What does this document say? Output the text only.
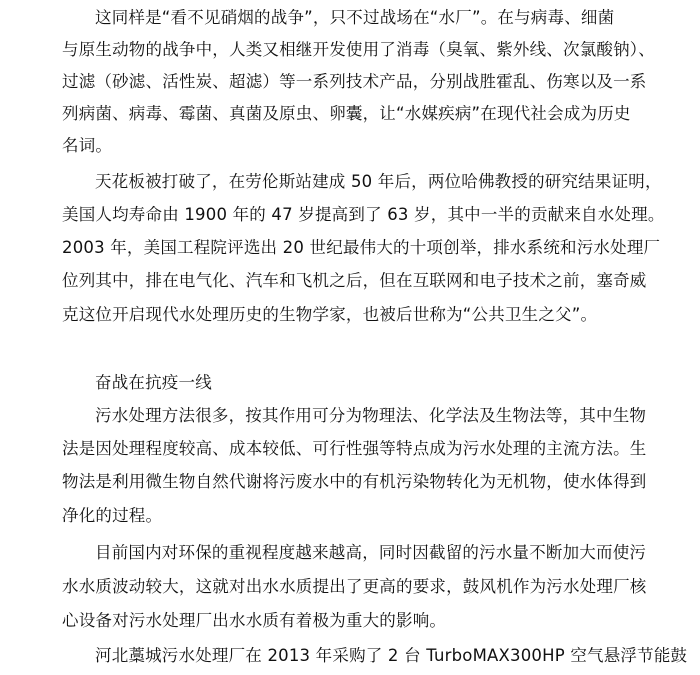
这同样是“看不见硝烟的战争”，只不过战场在“水厂”。在与病毒、细菌
与原生动物的战争中，人类又相继开发使用了消毒（臭氧、紫外线、次氯酸钠）、
过滤（砂滤、活性炭、超滤）等一系列技术产品，分别战胜霍乱、伤寒以及一系
列病菌、病毒、霉菌、真菌及原虫、卵囊，让“水媒疾病”在现代社会成为历史
名词。
天花板被打破了，在劳伦斯站建成 50 年后，两位哈佛教授的研究结果证明，
美国人均寿命由 1900 年的 47 岁提高到了 63 岁，其中一半的贡献来自水处理。
2003 年，美国工程院评选出 20 世纪最伟大的十项创举，排水系统和污水处理厂
位列其中，排在电气化、汽车和飞机之后，但在互联网和电子技术之前，塞奇威
克这位开启现代水处理历史的生物学家，也被后世称为“公共卫生之父”。
奋战在抗疫一线
污水处理方法很多，按其作用可分为物理法、化学法及生物法等，其中生物
法是因处理程度较高、成本较低、可行性强等特点成为污水处理的主流方法。生
物法是利用微生物自然代谢将污废水中的有机污染物转化为无机物，使水体得到
净化的过程。
目前国内对环保的重视程度越来越高，同时因截留的污水量不断加大而使污
水水质波动较大，这就对出水水质提出了更高的要求，鼓风机作为污水处理厂核
心设备对污水处理厂出水水质有着极为重大的影响。
河北藁城污水处理厂在 2013 年采购了 2 台 TurboMAX300HP 空气悬浮节能鼓
